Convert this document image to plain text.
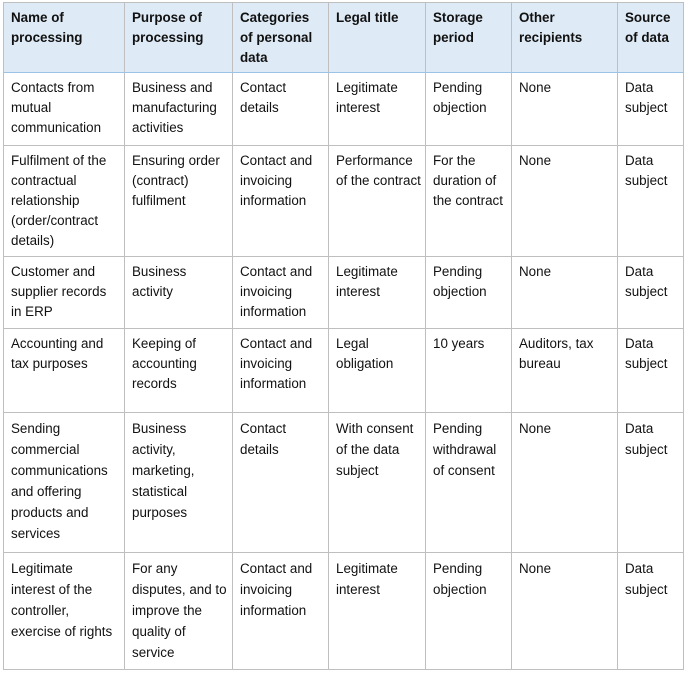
Name of processing	Purpose of processing	Categories of personal data	Legal title	Storage period	Other recipients	Source of data
Contacts from mutual communication	Business and manufacturing activities	Contact details	Legitimate interest	Pending objection	None	Data subject
Fulfilment of the contractual relationship (order/contract details)	Ensuring order (contract) fulfilment	Contact and invoicing information	Performance of the contract	For the duration of the contract	None	Data subject
Customer and supplier records in ERP	Business activity	Contact and invoicing information	Legitimate interest	Pending objection	None	Data subject
Accounting and tax purposes	Keeping of accounting records	Contact and invoicing information	Legal obligation	10 years	Auditors, tax bureau	Data subject
Sending commercial communications and offering products and services	Business activity, marketing, statistical purposes	Contact details	With consent of the data subject	Pending withdrawal of consent	None	Data subject
Legitimate interest of the controller, exercise of rights	For any disputes, and to improve the quality of service	Contact and invoicing information	Legitimate interest	Pending objection	None	Data subject
